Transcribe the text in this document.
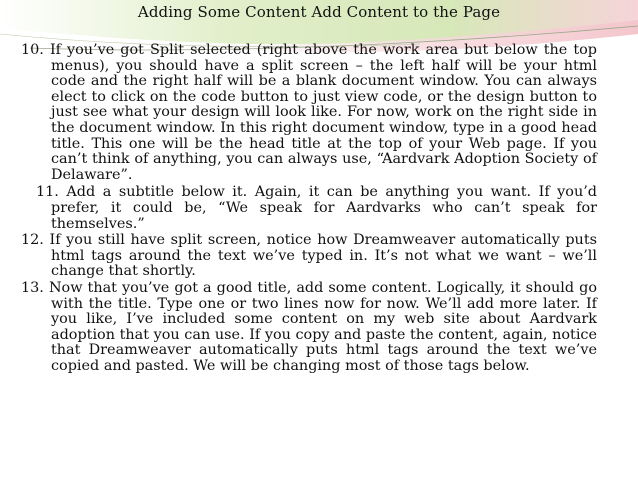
Adding Some Content Add Content to the Page

10. If you’ve got Split selected (right above the work area but below the top menus), you should have a split screen – the left half will be your html code and the right half will be a blank document window. You can always elect to click on the code button to just view code, or the design button to just see what your design will look like. For now, work on the right side in the document window. In this right document window, type in a good head title. This one will be the head title at the top of your Web page. If you can’t think of anything, you can always use, “Aardvark Adoption Society of Delaware”.

11. Add a subtitle below it. Again, it can be anything you want. If you’d prefer, it could be, “We speak for Aardvarks who can’t speak for themselves.”

12. If you still have split screen, notice how Dreamweaver automatically puts html tags around the text we’ve typed in. It’s not what we want – we’ll change that shortly.

13. Now that you’ve got a good title, add some content. Logically, it should go with the title. Type one or two lines now for now. We’ll add more later. If you like, I’ve included some content on my web site about Aardvark adoption that you can use. If you copy and paste the content, again, notice that Dreamweaver automatically puts html tags around the text we’ve copied and pasted. We will be changing most of those tags below.
